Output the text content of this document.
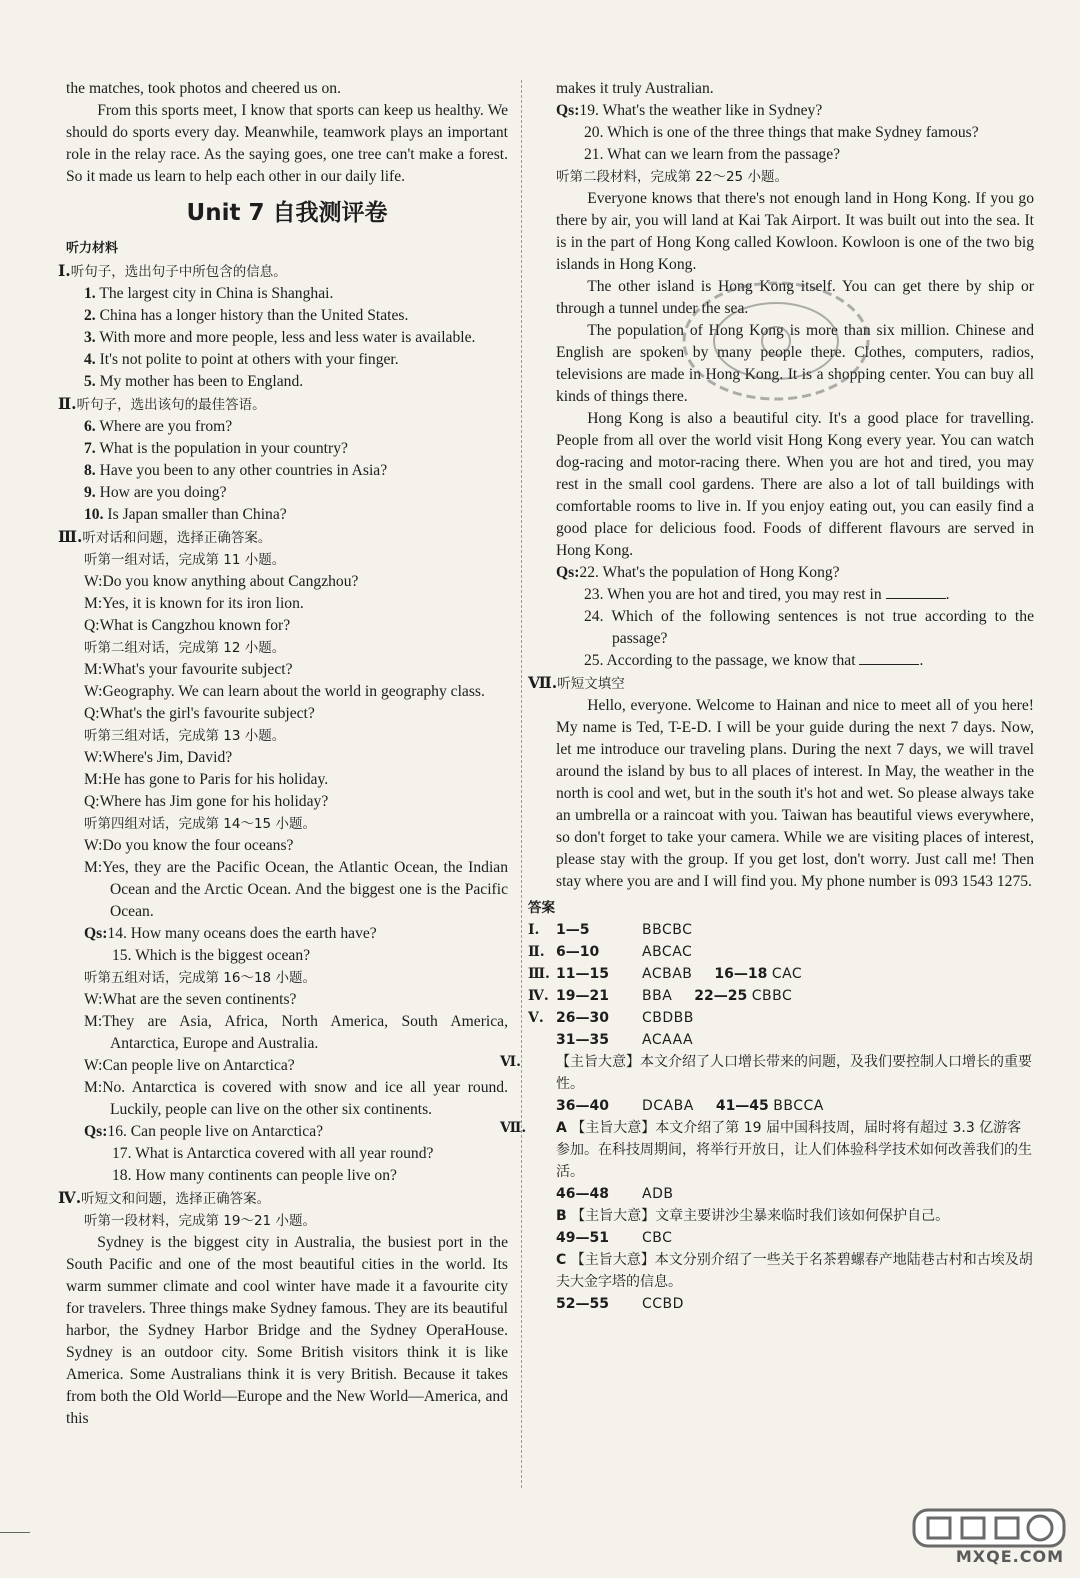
the matches, took photos and cheered us on.

From this sports meet, I know that sports can keep us healthy. We should do sports every day. Meanwhile, teamwork plays an important role in the relay race. As the saying goes, one tree can't make a forest. So it made us learn to help each other in our daily life.

Unit 7 自我测评卷

听力材料

Ⅰ.听句子，选出句子中所包含的信息。

1. The largest city in China is Shanghai.

2. China has a longer history than the United States.

3. With more and more people, less and less water is available.

4. It's not polite to point at others with your finger.

5. My mother has been to England.

Ⅱ.听句子，选出该句的最佳答语。

6. Where are you from?

7. What is the population in your country?

8. Have you been to any other countries in Asia?

9. How are you doing?

10. Is Japan smaller than China?

Ⅲ.听对话和问题，选择正确答案。

听第一组对话，完成第 11 小题。

W:Do you know anything about Cangzhou?

M:Yes, it is known for its iron lion.

Q:What is Cangzhou known for?

听第二组对话，完成第 12 小题。

M:What's your favourite subject?

W:Geography. We can learn about the world in geography class.

Q:What's the girl's favourite subject?

听第三组对话，完成第 13 小题。

W:Where's Jim, David?

M:He has gone to Paris for his holiday.

Q:Where has Jim gone for his holiday?

听第四组对话，完成第 14～15 小题。

W:Do you know the four oceans?

M:Yes, they are the Pacific Ocean, the Atlantic Ocean, the Indian Ocean and the Arctic Ocean. And the biggest one is the Pacific Ocean.

Qs:14. How many oceans does the earth have?

15. Which is the biggest ocean?

听第五组对话，完成第 16～18 小题。

W:What are the seven continents?

M:They are Asia, Africa, North America, South America, Antarctica, Europe and Australia.

W:Can people live on Antarctica?

M:No. Antarctica is covered with snow and ice all year round. Luckily, people can live on the other six continents.

Qs:16. Can people live on Antarctica?

17. What is Antarctica covered with all year round?

18. How many continents can people live on?

Ⅳ.听短文和问题，选择正确答案。

听第一段材料，完成第 19～21 小题。

Sydney is the biggest city in Australia, the busiest port in the South Pacific and one of the most beautiful cities in the world. Its warm summer climate and cool winter have made it a favourite city for travelers. Three things make Sydney famous. They are its beautiful harbor, the Sydney Harbor Bridge and the Sydney OperaHouse. Sydney is an outdoor city. Some British visitors think it is like America. Some Australians think it is very British. Because it takes from both the Old World—Europe and the New World—America, and this

makes it truly Australian.

Qs:19. What's the weather like in Sydney?

20. Which is one of the three things that make Sydney famous?

21. What can we learn from the passage?

听第二段材料，完成第 22～25 小题。

Everyone knows that there's not enough land in Hong Kong. If you go there by air, you will land at Kai Tak Airport. It was built out into the sea. It is in the part of Hong Kong called Kowloon. Kowloon is one of the two big islands in Hong Kong.

The other island is Hong Kong itself. You can get there by ship or through a tunnel under the sea.

The population of Hong Kong is more than six million. Chinese and English are spoken by many people there. Clothes, computers, radios, televisions are made in Hong Kong. It is a shopping center. You can buy all kinds of things there.

Hong Kong is also a beautiful city. It's a good place for travelling. People from all over the world visit Hong Kong every year. You can watch dog-racing and motor-racing there. When you are hot and tired, you may rest in the small cool gardens. There are also a lot of tall buildings with comfortable rooms to live in. If you enjoy eating out, you can easily find a good place for delicious food. Foods of different flavours are served in Hong Kong.

Qs:22. What's the population of Hong Kong?

23. When you are hot and tired, you may rest in	.

24. Which of the following sentences is not true according to the passage?

25. According to the passage, we know that	.

Ⅶ.听短文填空

Hello, everyone. Welcome to Hainan and nice to meet all of you here! My name is Ted, T-E-D. I will be your guide during the next 7 days. Now, let me introduce our traveling plans. During the next 7 days, we will travel around the island by bus to all places of interest. In May, the weather in the north is cool and wet, but in the south it's hot and wet. So please always take an umbrella or a raincoat with you. Taiwan has beautiful views everywhere, so don't forget to take your camera. While we are visiting places of interest, please stay with the group. If you get lost, don't worry. Just call me! Then stay where you are and I will find you. My phone number is 093 1543 1275.

答案

Ⅰ. 1—5	BBCBC

Ⅱ. 6—10	ABCAC

Ⅲ. 11—15 ACBAB 16—18 CAC

Ⅳ. 19—21 BBA 22—25 CBBC

Ⅴ. 26—30 CBDBB

31—35 ACAAA

Ⅵ.	【主旨大意】本文介绍了人口增长带来的问题，及我们要控制人口增长的重要性。

36—40 DCABA 41—45 BBCCA

Ⅶ. A 【主旨大意】本文介绍了第 19 届中国科技周，届时将有超过 3.3 亿游客参加。在科技周期间，将举行开放日，让人们体验科学技术如何改善我们的生活。

46—48 ADB

B 【主旨大意】文章主要讲沙尘暴来临时我们该如何保护自己。

49—51 CBC

C 【主旨大意】本文分别介绍了一些关于名茶碧螺春产地陆巷古村和古埃及胡夫大金字塔的信息。

52—55 CCBD

MXQE.COM
